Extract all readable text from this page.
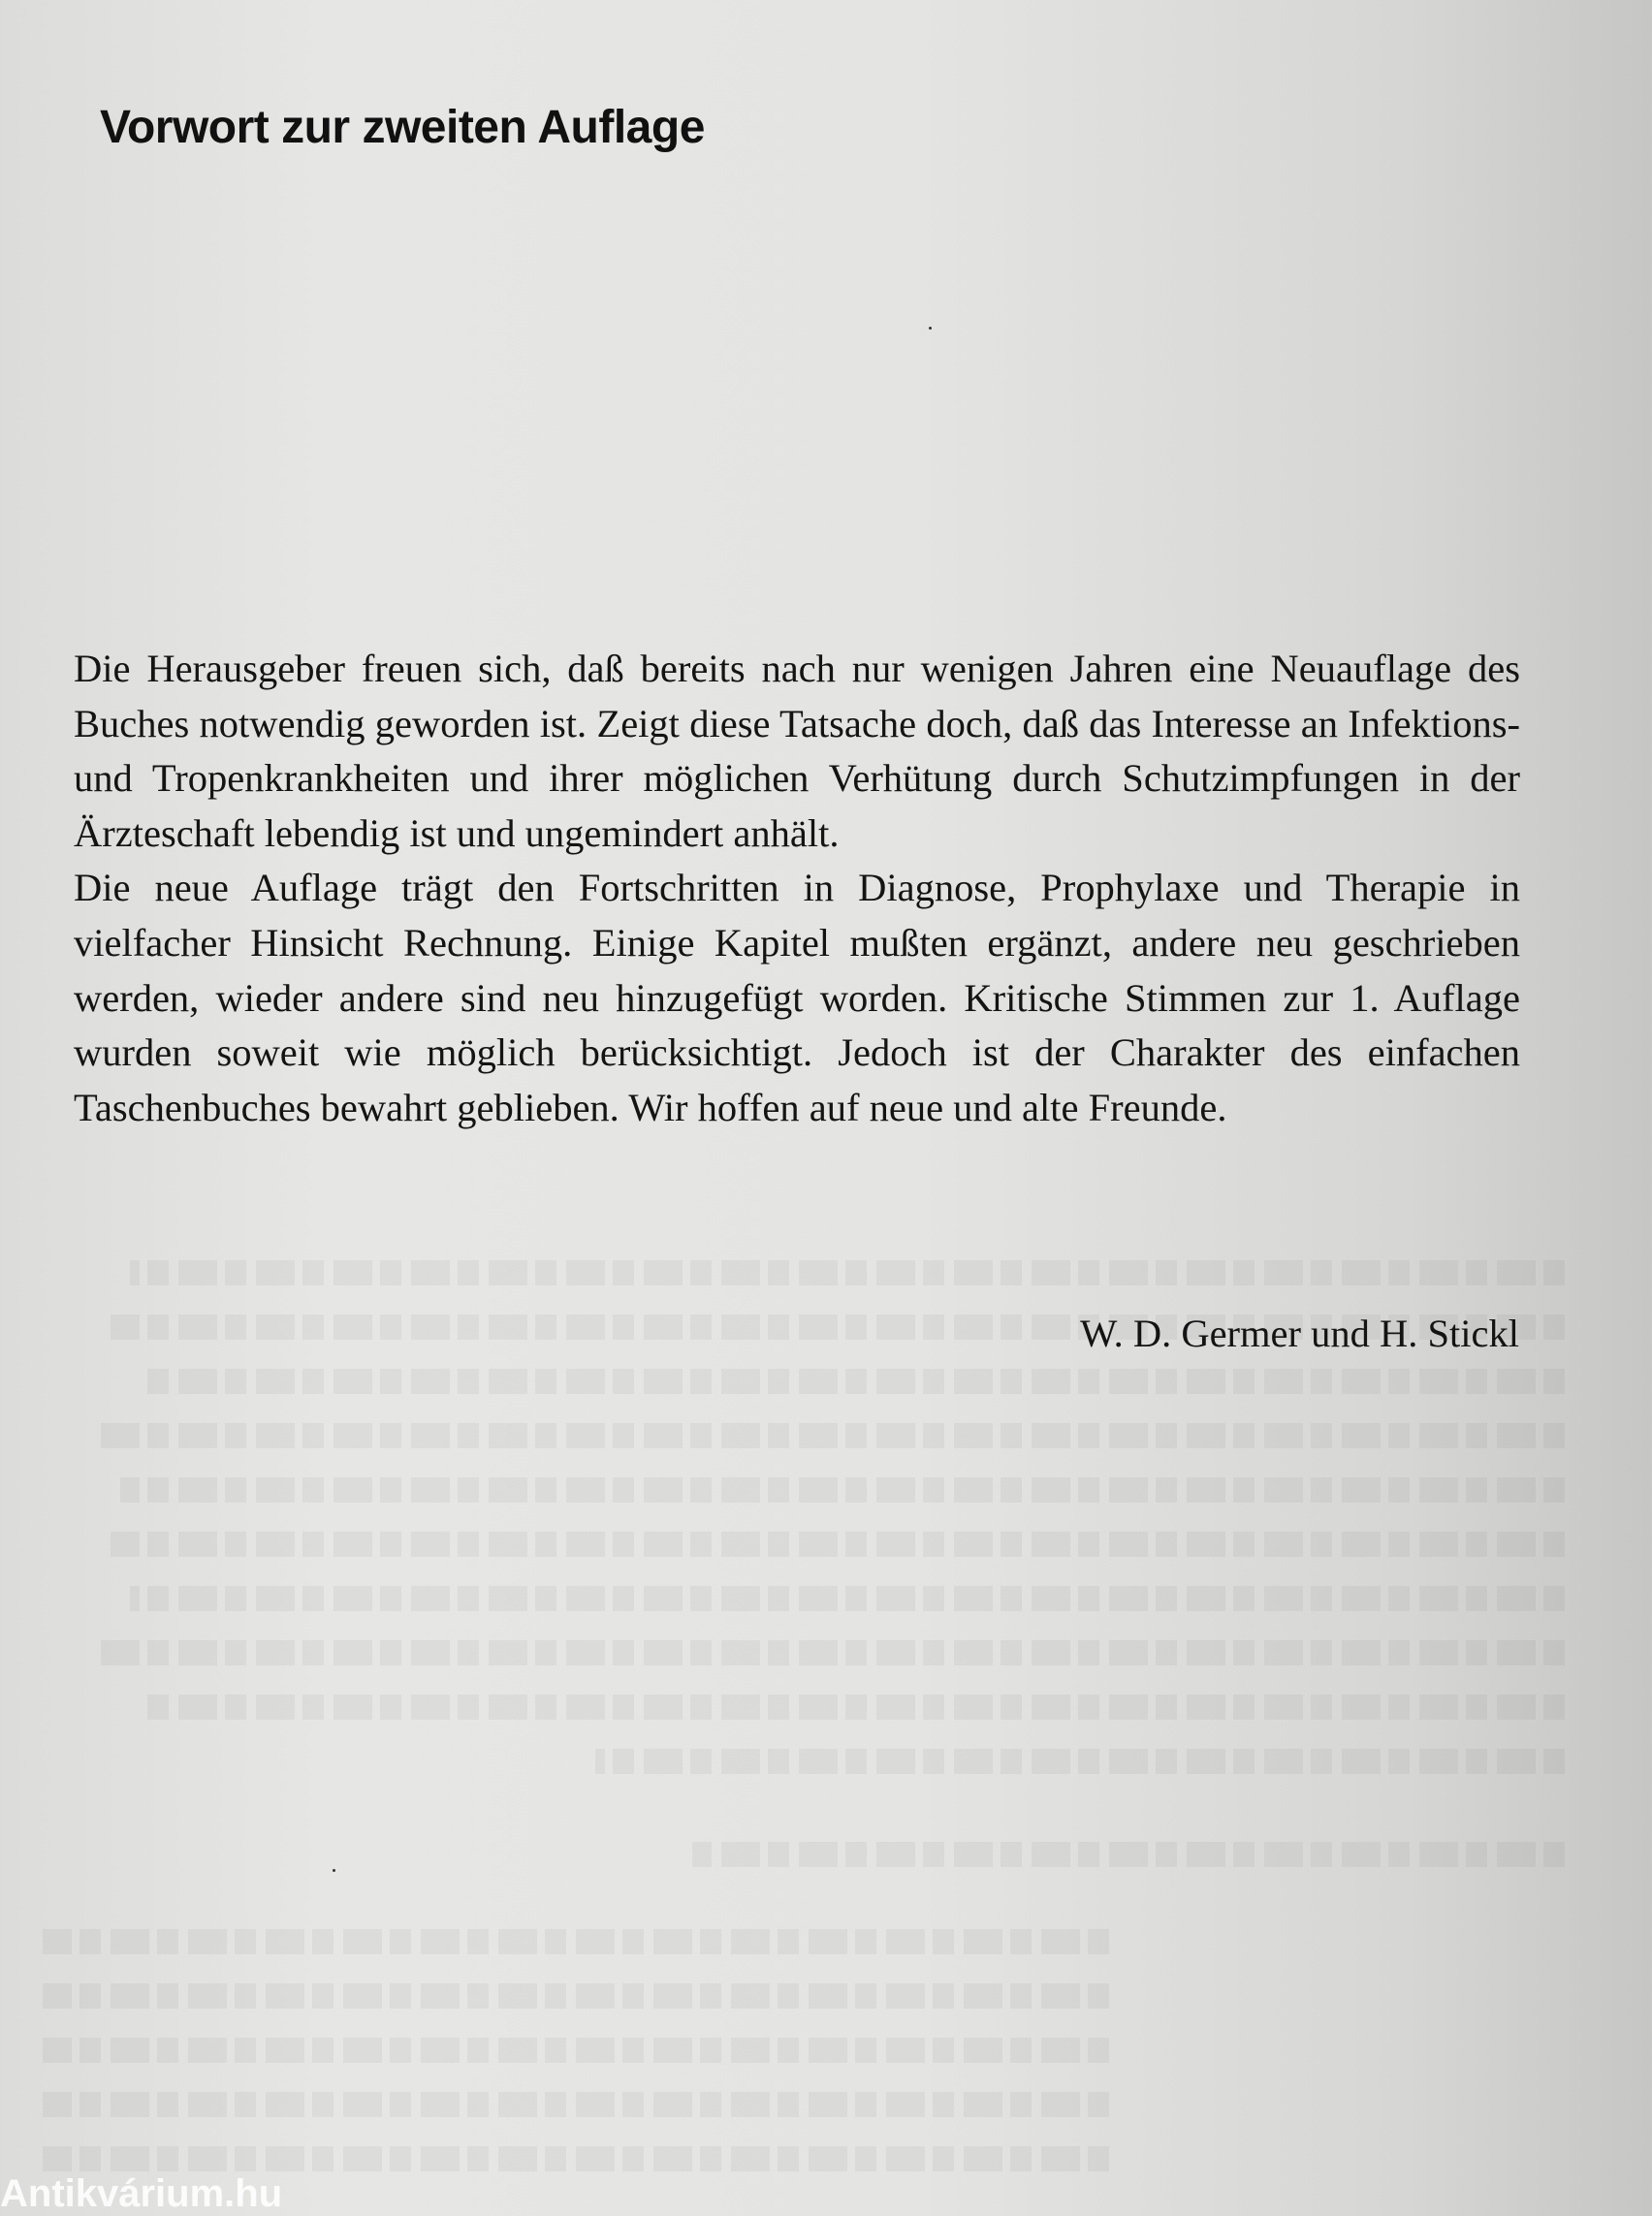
Vorwort zur zweiten Auflage

Die Herausgeber freuen sich, daß bereits nach nur wenigen Jahren eine Neuauflage des Buches notwendig geworden ist. Zeigt diese Tatsache doch, daß das Interesse an Infektions- und Tropenkrankheiten und ihrer möglichen Verhütung durch Schutzimpfungen in der Ärzteschaft lebendig ist und ungemindert anhält.

Die neue Auflage trägt den Fortschritten in Diagnose, Prophylaxe und Therapie in vielfacher Hinsicht Rechnung. Einige Kapitel mußten ergänzt, andere neu geschrieben werden, wieder andere sind neu hinzugefügt worden. Kritische Stimmen zur 1. Auflage wurden soweit wie möglich berücksichtigt. Jedoch ist der Charakter des einfachen Taschenbuches bewahrt geblieben. Wir hoffen auf neue und alte Freunde.

W. D. Germer und H. Stickl
Antikvárium.hu
